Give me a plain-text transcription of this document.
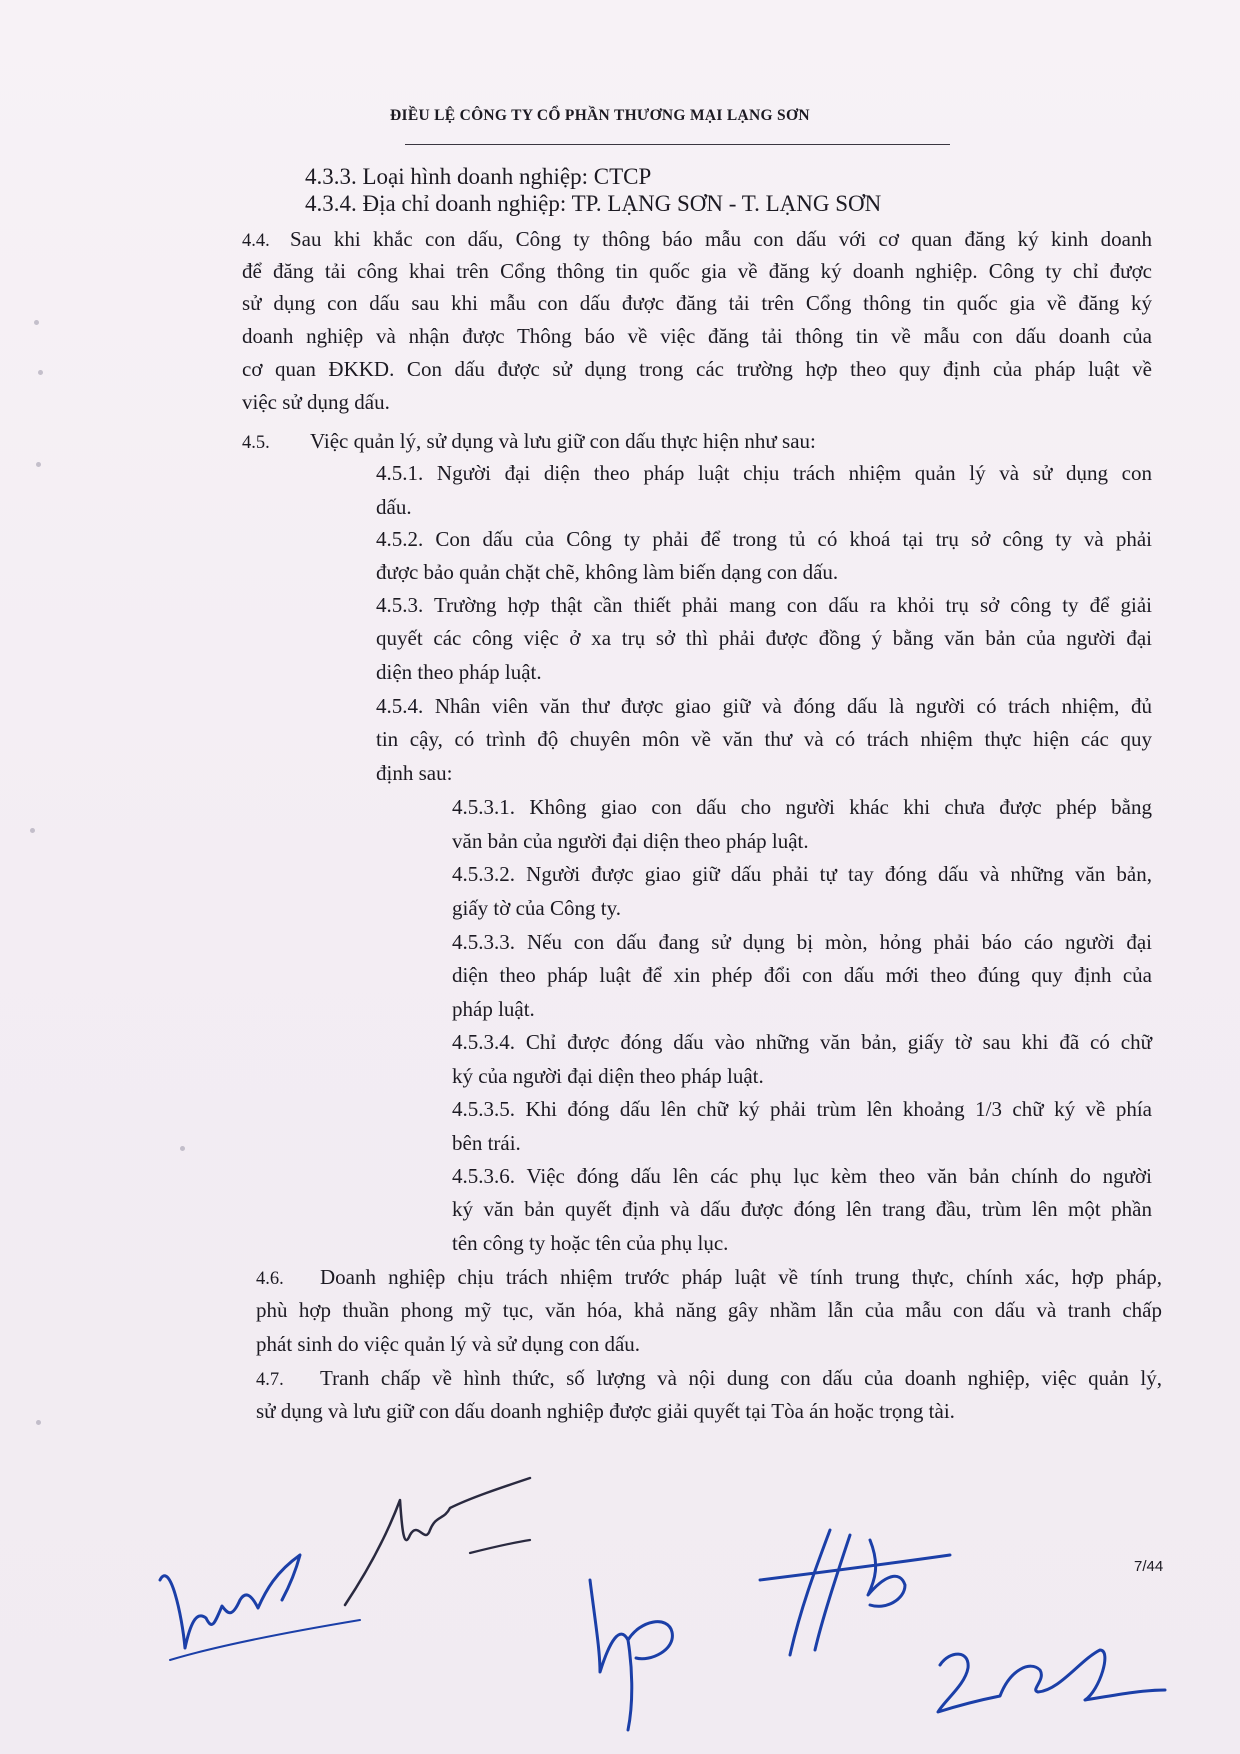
ĐIỀU LỆ CÔNG TY CỔ PHẦN THƯƠNG MẠI LẠNG SƠN
4.3.3. Loại hình doanh nghiệp: CTCP
4.3.4. Địa chỉ doanh nghiệp: TP. LẠNG SƠN - T. LẠNG SƠN
4.4. Sau khi khắc con dấu, Công ty thông báo mẫu con dấu với cơ quan đăng ký kinh doanh
để đăng tải công khai trên Cổng thông tin quốc gia về đăng ký doanh nghiệp. Công ty chỉ được
sử dụng con dấu sau khi mẫu con dấu được đăng tải trên Cổng thông tin quốc gia về đăng ký
doanh nghiệp và nhận được Thông báo về việc đăng tải thông tin về mẫu con dấu doanh của
cơ quan ĐKKD. Con dấu được sử dụng trong các trường hợp theo quy định của pháp luật về
việc sử dụng dấu.
4.5. Việc quản lý, sử dụng và lưu giữ con dấu thực hiện như sau:
4.5.1. Người đại diện theo pháp luật chịu trách nhiệm quản lý và sử dụng con
dấu.
4.5.2. Con dấu của Công ty phải để trong tủ có khoá tại trụ sở công ty và phải
được bảo quản chặt chẽ, không làm biến dạng con dấu.
4.5.3. Trường hợp thật cần thiết phải mang con dấu ra khỏi trụ sở công ty để giải
quyết các công việc ở xa trụ sở thì phải được đồng ý bằng văn bản của người đại
diện theo pháp luật.
4.5.4. Nhân viên văn thư được giao giữ và đóng dấu là người có trách nhiệm, đủ
tin cậy, có trình độ chuyên môn về văn thư và có trách nhiệm thực hiện các quy
định sau:
4.5.3.1. Không giao con dấu cho người khác khi chưa được phép bằng
văn bản của người đại diện theo pháp luật.
4.5.3.2. Người được giao giữ dấu phải tự tay đóng dấu và những văn bản,
giấy tờ của Công ty.
4.5.3.3. Nếu con dấu đang sử dụng bị mòn, hỏng phải báo cáo người đại
diện theo pháp luật để xin phép đổi con dấu mới theo đúng quy định của
pháp luật.
4.5.3.4. Chỉ được đóng dấu vào những văn bản, giấy tờ sau khi đã có chữ
ký của người đại diện theo pháp luật.
4.5.3.5. Khi đóng dấu lên chữ ký phải trùm lên khoảng 1/3 chữ ký về phía
bên trái.
4.5.3.6. Việc đóng dấu lên các phụ lục kèm theo văn bản chính do người
ký văn bản quyết định và dấu được đóng lên trang đầu, trùm lên một phần
tên công ty hoặc tên của phụ lục.
4.6. Doanh nghiệp chịu trách nhiệm trước pháp luật về tính trung thực, chính xác, hợp pháp,
phù hợp thuần phong mỹ tục, văn hóa, khả năng gây nhầm lẫn của mẫu con dấu và tranh chấp
phát sinh do việc quản lý và sử dụng con dấu.
4.7. Tranh chấp về hình thức, số lượng và nội dung con dấu của doanh nghiệp, việc quản lý,
sử dụng và lưu giữ con dấu doanh nghiệp được giải quyết tại Tòa án hoặc trọng tài.
7/44
